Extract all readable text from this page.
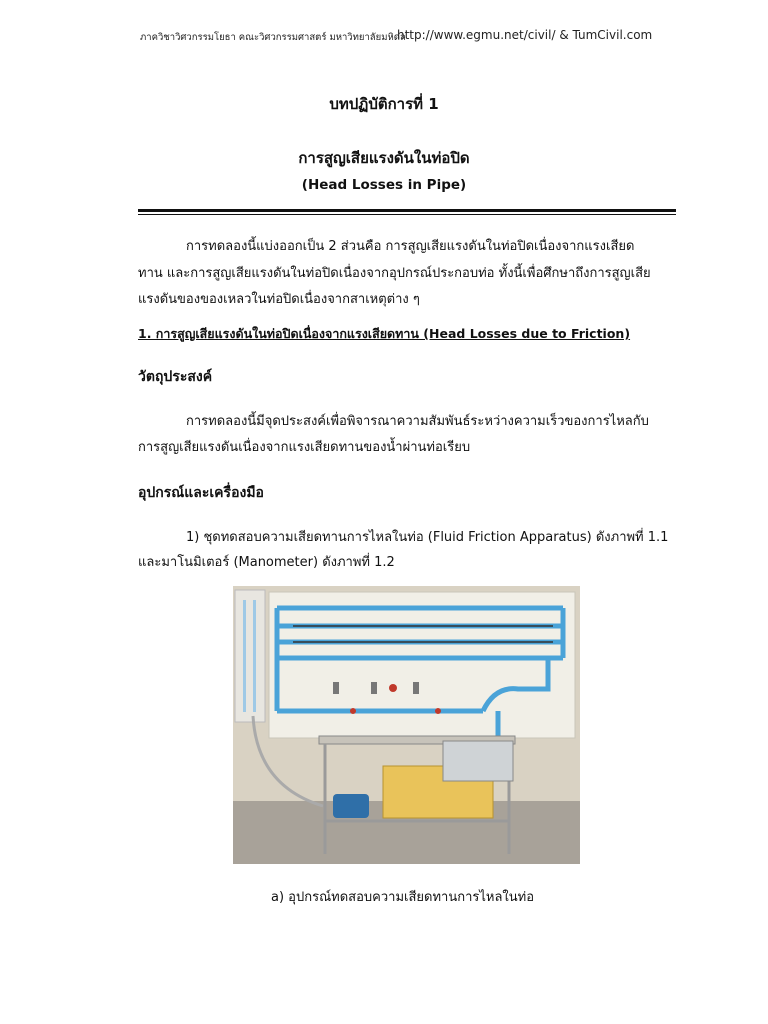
ภาควิชาวิศวกรรมโยธา คณะวิศวกรรมศาสตร์ มหาวิทยาลัยมหิดล
http://www.egmu.net/civil/ & TumCivil.com
บทปฏิบัติการที่ 1
การสูญเสียแรงดันในท่อปิด
(Head Losses in Pipe)
การทดลองนี้แบ่งออกเป็น 2 ส่วนคือ การสูญเสียแรงดันในท่อปิดเนื่องจากแรงเสียด
ทาน และการสูญเสียแรงดันในท่อปิดเนื่องจากอุปกรณ์ประกอบท่อ ทั้งนี้เพื่อศึกษาถึงการสูญเสีย
แรงดันของของเหลวในท่อปิดเนื่องจากสาเหตุต่าง ๆ
1. การสูญเสียแรงดันในท่อปิดเนื่องจากแรงเสียดทาน (Head Losses due to Friction)
วัตถุประสงค์
การทดลองนี้มีจุดประสงค์เพื่อพิจารณาความสัมพันธ์ระหว่างความเร็วของการไหลกับ
การสูญเสียแรงดันเนื่องจากแรงเสียดทานของน้ำผ่านท่อเรียบ
อุปกรณ์และเครื่องมือ
1) ชุดทดสอบความเสียดทานการไหลในท่อ (Fluid Friction Apparatus) ดังภาพที่ 1.1
และมาโนมิเตอร์ (Manometer) ดังภาพที่ 1.2
a) อุปกรณ์ทดสอบความเสียดทานการไหลในท่อ
